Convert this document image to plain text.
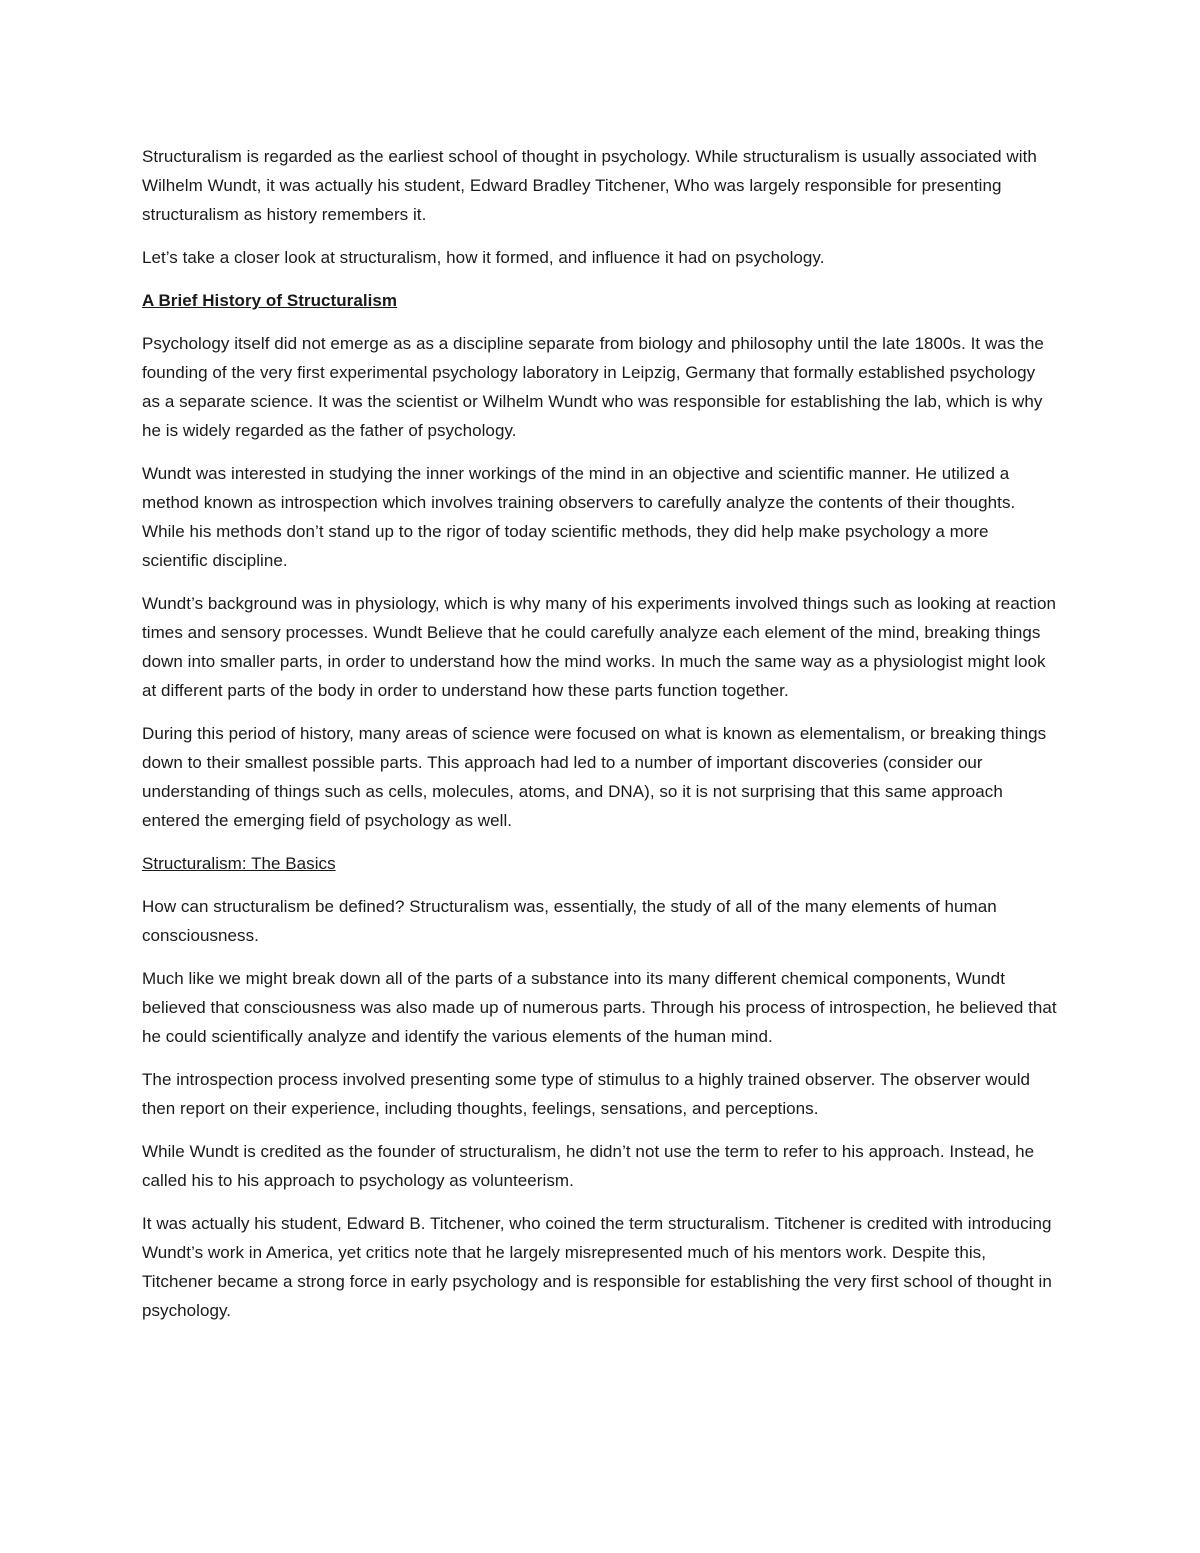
Structuralism is regarded as the earliest school of thought in psychology. While structuralism is usually associated with Wilhelm Wundt, it was actually his student, Edward Bradley Titchener, Who was largely responsible for presenting structuralism as history remembers it.

Let’s take a closer look at structuralism, how it formed, and influence it had on psychology.

A Brief History of Structuralism

Psychology itself did not emerge as as a discipline separate from biology and philosophy until the late 1800s. It was the founding of the very first experimental psychology laboratory in Leipzig, Germany that formally established psychology as a separate science. It was the scientist or Wilhelm Wundt who was responsible for establishing the lab, which is why he is widely regarded as the father of psychology.

Wundt was interested in studying the inner workings of the mind in an objective and scientific manner. He utilized a method known as introspection which involves training observers to carefully analyze the contents of their thoughts. While his methods don’t stand up to the rigor of today scientific methods, they did help make psychology a more scientific discipline.

Wundt’s background was in physiology, which is why many of his experiments involved things such as looking at reaction times and sensory processes. Wundt Believe that he could carefully analyze each element of the mind, breaking things down into smaller parts, in order to understand how the mind works. In much the same way as a physiologist might look at different parts of the body in order to understand how these parts function together.

During this period of history, many areas of science were focused on what is known as elementalism, or breaking things down to their smallest possible parts. This approach had led to a number of important discoveries (consider our understanding of things such as cells, molecules, atoms, and DNA), so it is not surprising that this same approach entered the emerging field of psychology as well.

Structuralism: The Basics

How can structuralism be defined? Structuralism was, essentially, the study of all of the many elements of human consciousness.

Much like we might break down all of the parts of a substance into its many different chemical components, Wundt believed that consciousness was also made up of numerous parts. Through his process of introspection, he believed that he could scientifically analyze and identify the various elements of the human mind.

The introspection process involved presenting some type of stimulus to a highly trained observer. The observer would then report on their experience, including thoughts, feelings, sensations, and perceptions.

While Wundt is credited as the founder of structuralism, he didn’t not use the term to refer to his approach. Instead, he called his to his approach to psychology as volunteerism.

It was actually his student, Edward B. Titchener, who coined the term structuralism. Titchener is credited with introducing Wundt’s work in America, yet critics note that he largely misrepresented much of his mentors work. Despite this, Titchener became a strong force in early psychology and is responsible for establishing the very first school of thought in psychology.
